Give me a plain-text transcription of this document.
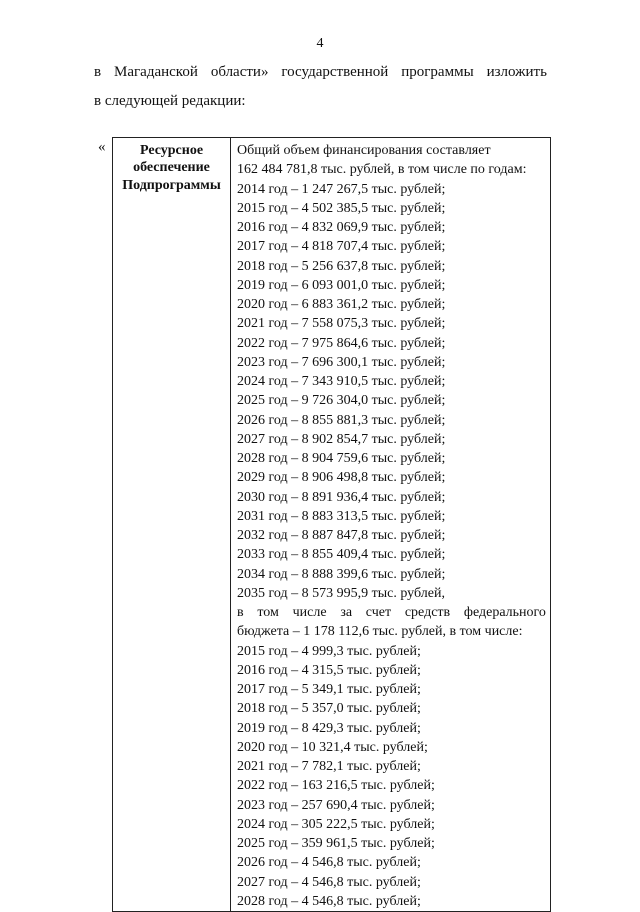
4
в Магаданской области» государственной программы изложить
в следующей редакции:
«	Ресурсное
обеспечение
Подпрограммы

Общий объем финансирования составляет
162 484 781,8 тыс. рублей, в том числе по годам:
2014 год – 1 247 267,5 тыс. рублей;
2015 год – 4 502 385,5 тыс. рублей;
2016 год – 4 832 069,9 тыс. рублей;
2017 год – 4 818 707,4 тыс. рублей;
2018 год – 5 256 637,8 тыс. рублей;
2019 год – 6 093 001,0 тыс. рублей;
2020 год – 6 883 361,2 тыс. рублей;
2021 год – 7 558 075,3 тыс. рублей;
2022 год – 7 975 864,6 тыс. рублей;
2023 год – 7 696 300,1 тыс. рублей;
2024 год – 7 343 910,5 тыс. рублей;
2025 год – 9 726 304,0 тыс. рублей;
2026 год – 8 855 881,3 тыс. рублей;
2027 год – 8 902 854,7 тыс. рублей;
2028 год – 8 904 759,6 тыс. рублей;
2029 год – 8 906 498,8 тыс. рублей;
2030 год – 8 891 936,4 тыс. рублей;
2031 год – 8 883 313,5 тыс. рублей;
2032 год – 8 887 847,8 тыс. рублей;
2033 год – 8 855 409,4 тыс. рублей;
2034 год – 8 888 399,6 тыс. рублей;
2035 год – 8 573 995,9 тыс. рублей,
в том числе за счет средств федерального
бюджета – 1 178 112,6 тыс. рублей, в том числе:
2015 год – 4 999,3 тыс. рублей;
2016 год – 4 315,5 тыс. рублей;
2017 год – 5 349,1 тыс. рублей;
2018 год – 5 357,0 тыс. рублей;
2019 год – 8 429,3 тыс. рублей;
2020 год – 10 321,4 тыс. рублей;
2021 год – 7 782,1 тыс. рублей;
2022 год – 163 216,5 тыс. рублей;
2023 год – 257 690,4 тыс. рублей;
2024 год – 305 222,5 тыс. рублей;
2025 год – 359 961,5 тыс. рублей;
2026 год – 4 546,8 тыс. рублей;
2027 год – 4 546,8 тыс. рублей;
2028 год – 4 546,8 тыс. рублей;
